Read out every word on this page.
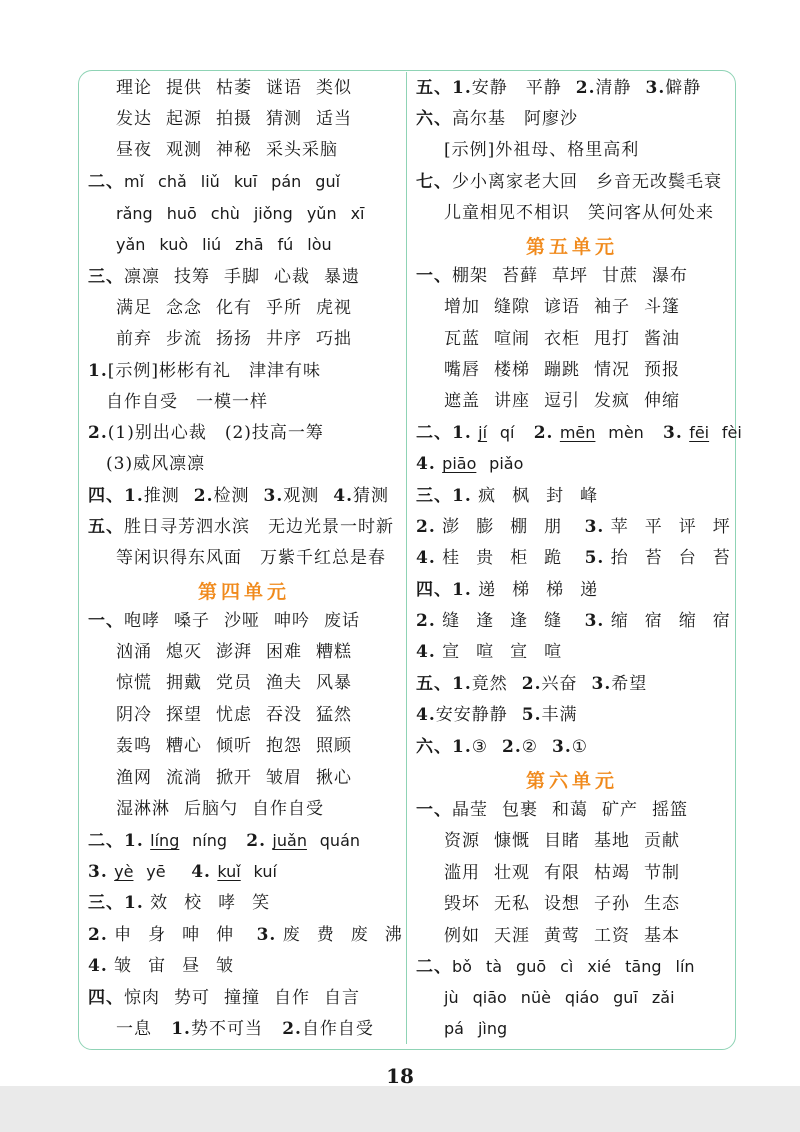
理论 提供 枯萎 谜语 类似
发达 起源 拍摄 猜测 适当
昼夜 观测 神秘 采头采脑
二、mǐ chǎ liǔ kuī pán guǐ
rǎng huō chù jiǒng yǔn xī
yǎn kuò liú zhā fú lòu
三、凛凛 技筹 手脚 心裁 暴遗
满足 念念 化有 乎所 虎视
前弃 步流 扬扬 井序 巧拙
1.[示例]彬彬有礼　津津有味
自作自受　一模一样
2.(1)别出心裁　(2)技高一筹
(3)威风凛凛
四、1.推测 2.检测 3.观测 4.猜测
五、胜日寻芳泗水滨　无边光景一时新
等闲识得东风面　万紫千红总是春
第四单元
一、咆哮 嗓子 沙哑 呻吟 废话
汹涌 熄灭 澎湃 困难 糟糕
惊慌 拥戴 党员 渔夫 风暴
阴冷 探望 忧虑 吞没 猛然
轰鸣 糟心 倾听 抱怨 照顾
渔网 流淌 掀开 皱眉 揪心
湿淋淋 后脑勺 自作自受
二、1. líng níng 2. juǎn quán
3. yè yē 4. kuǐ kuí
三、1. 效 校 哮 笑
2. 申 身 呻 伸 3. 废 费 废 沸
4. 皱 宙 昼 皱
四、惊肉 势可 撞撞 自作 自言
一息 1.势不可当 2.自作自受
五、1.安静　平静 2.清静 3.僻静
六、高尔基　阿廖沙
[示例]外祖母、格里高利
七、少小离家老大回　乡音无改鬓毛衰
儿童相见不相识　笑问客从何处来
第五单元
一、棚架 苔藓 草坪 甘蔗 瀑布
增加 缝隙 谚语 袖子 斗篷
瓦蓝 喧闹 衣柜 甩打 酱油
嘴唇 楼梯 蹦跳 情况 预报
遮盖 讲座 逗引 发疯 伸缩
二、1. jí qí 2. mēn mèn 3. fēi fèi
4. piāo piǎo
三、1. 疯 枫 封 峰
2. 澎 膨 棚 朋 3. 苹 平 评 坪
4. 桂 贵 柜 跪 5. 抬 苔 台 苔
四、1. 递 梯 梯 递
2. 缝 逢 逢 缝 3. 缩 宿 缩 宿
4. 宣 喧 宣 喧
五、1.竟然 2.兴奋 3.希望
4.安安静静 5.丰满
六、1.③ 2.② 3.①
第六单元
一、晶莹 包裹 和蔼 矿产 摇篮
资源 慷慨 目睹 基地 贡献
滥用 壮观 有限 枯竭 节制
毁坏 无私 设想 子孙 生态
例如 天涯 黄莺 工资 基本
二、bǒ tà guō cì xié tāng lín
jù qiāo nüè qiáo guī zǎi
pá jìng
18
